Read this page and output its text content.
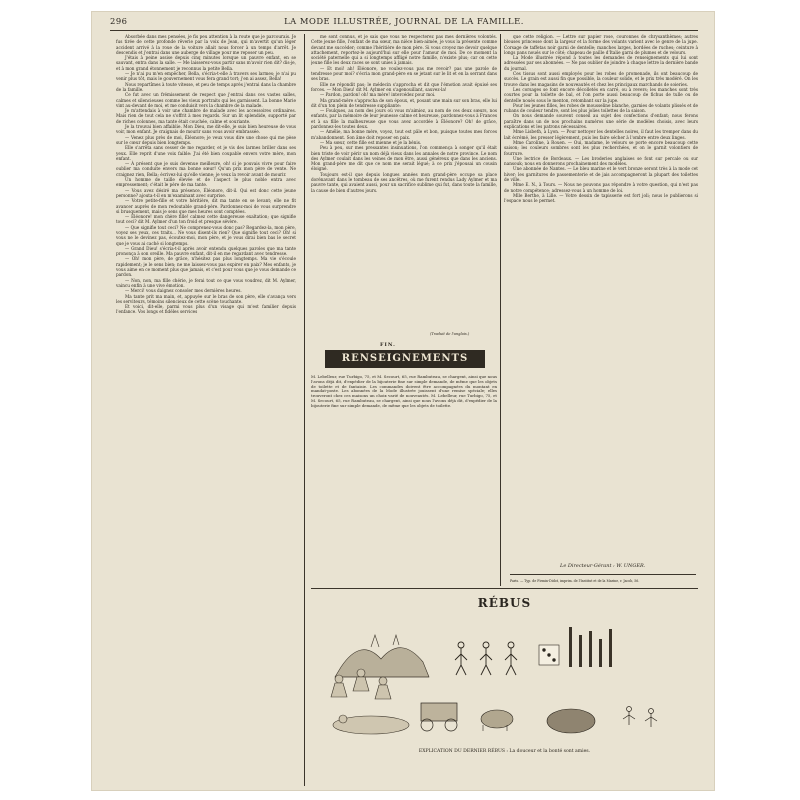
296	LA MODE ILLUSTRÉE, JOURNAL DE LA FAMILLE.

Absorbée dans mes pensées, je fis peu attention à la route que je parcourais. Je fus tirée de cette profonde rêverie par la voix de Jean, qui m'avertit qu'un léger accident arrivé à la roue de la voiture allait nous forcer à un temps d'arrêt. Je descendis et j'entrai dans une auberge de village pour me reposer un peu.

J'étais à peine assise depuis cinq minutes lorsque un pauvre enfant, en se sauvant, entra dans la salle. — Me laisserez-vous partir sans m'avoir rien dit? dis-je, et à mon grand étonnement je reconnus la petite Bella.

— Je n'ai pu m'en empêcher, Bella, s'écria-t-elle à travers ses larmes; je n'ai pu venir plus tôt, mais le gouvernement vous fera grand tort; j'en ai assez, Bella!

Nous repartîmes à toute vitesse, et peu de temps après j'entrai dans la chambre de la famille.

Ce fut avec un frémissement de respect que j'entrai dans ces vastes salles, calmes et silencieuses comme les vieux portraits qui les garnissent. La bonne Marie vint au-devant de moi, et me conduisit vers la chambre de la malade.

Je m'attendais à voir une chambre de malade avec les accessoires ordinaires. Mais rien de tout cela ne s'offrit à mes regards. Sur un lit splendide, supporté par de riches colonnes, ma tante était couchée, calme et souriante.

Je la trouvai bien affaiblie. Mon Dieu, me dit-elle, je suis bien heureuse de vous voir, mon enfant. Je craignais de mourir sans vous avoir embrassée.

— Venez plus près de moi, Éléonore; je veux vous dire une chose qui me pèse sur le cœur depuis bien longtemps.

Elle s'arrêta sans cesser de me regarder, et je vis des larmes briller dans ses yeux. Elle reprit d'une voix faible: J'ai été bien coupable envers votre mère, mon enfant.

— À présent que je suis devenue meilleure, oh! si je pouvais vivre pour faire oublier ma conduite envers ma bonne sœur! Qu'un prix mon père de vente. Ne craignez rien, Bella; écrivez-lui qu'elle vienne; je veux la revoir avant de mourir.

Un homme de taille élevée et de l'aspect le plus noble entra avec empressement; c'était le père de ma tante.

— Vous avez désiré ma présence, Éléonore, dit-il. Qui est donc cette jeune personne? ajouta-t-il en m'examinant avec surprise.

— Votre petite-fille et votre héritière, dit ma tante en se levant; elle ne fit avancer auprès de mon redoutable grand-père. Pardonnez-moi de vous surprendre si brusquement, mais je sens que mes heures sont comptées.

— Éléonore! mon chère fille! calmez cette dangereuse exaltation; que signifie tout ceci? dit M. Aylmer d'un ton froid et presque sévère.

— Que signifie tout ceci? Ne comprenez-vous donc pas? Regardez-la, mon père, voyez ses yeux, ces traits... Ne vous disent-ils rien? Que signifie tout ceci? Oh! si vous ne le devinez pas, écoutez-moi, mon père, et je vous dirai bien bas le secret que je vous ai caché si longtemps.

— Grand Dieu! s'écria-t-il après avoir entendu quelques paroles que ma tante prononça à son oreille. Ma pauvre enfant, dit-il en me regardant avec tendresse.

— Oh! mon père, de grâce, n'hésitez pas plus longtemps. Ma vie s'écoule rapidement; je le sens bien; ne me laissez-vous pas expirer en paix? Mes enfants, je vous aime en ce moment plus que jamais, et c'est pour vous que je vous demande ce pardon.

— Non, non, ma fille chérie, je ferai tout ce que vous voudrez, dit M. Aylmer, vaincu enfin à une vive émotion.

— Merci! vous daignez consoler mes dernières heures.

Ma tante prit ma main, et, appuyée sur le bras de son père, elle s'avança vers les serviteurs, témoins silencieux de cette scène touchante.

Et voici, dit-elle, parmi vous plus d'un visage qui m'est familier depuis l'enfance. Vos longs et fidèles services

me sont connus, et je sais que vous ne respecterez pas mes dernières volontés. Cette jeune fille, l'enfant de ma sœur, ma nièce bien-aimée, je vous la présente comme devant me succéder; comme l'héritière de mon père. Si vous croyez me devoir quelque attachement, reportez-le aujourd'hui sur elle pour l'amour de moi. De ce moment la société paternelle qui a si longtemps affligé notre famille, n'existe plus; car on cette jeune fille les deux races se sont unies à jamais.

— Et moi! ah! Éléonore, ne voulez-vous pas me revoir? pas une parole de tendresse pour moi? s'écria mon grand-père en se jetant sur le lit et en la serrant dans ses bras.

Elle ne répondit pas; le médecin s'approcha et dit que l'émotion avait épuisé ses forces. — Mon Dieu! dit M. Aylmer en s'agenouillant, sauvez-la!

— Pardon, pardon! oh! ma mère! intercédez pour moi.

Ma grand-mère s'approcha de son époux, et, posant une main sur son bras, elle lui dit d'un ton plein de tendresse suppliante:

— Foulques, au nom des jours où vous m'aimiez, au nom de ces deux sœurs, nos enfants, par la mémoire de leur jeunesse calme et heureuse, pardonnez-vous à Frances et à sa fille la malheureuse que vous avez accordée à Éléonore? Oh! de grâce, pardonnez-les toutes deux.

— Amélie, ma bonne mère, voyez, tout est pâle et bon, puisque toutes mes forces m'abandonnent. Son âme doit reposer en paix.

— Ma sœur, cette fille est mienne et je la bénis.

Peu à peu, sur mes pressantes insinuations, l'on commença à songer qu'il était bien triste de voir périr un nom déjà vieux dans les annales de notre province. Le nom des Aylmer coulait dans les veines de mon être, aussi généreux que dans les anciens. Mon grand-père me dit que ce nom me serait légué; à ce prix j'épousai un cousin éloigné.

Toujours est-il que depuis longues années mon grand-père occupe sa place dorénavant dans le tombeau de ses ancêtres, où me furent rendus Lady Aylmer et ma pauvre tante, qui avaient aussi, pour un sacrifice sublime qui fut, dans toute la famille, la cause de bien d'autres jours.

(Traduit de l'anglais.)
FIN.
RENSEIGNEMENTS
M. Lebelleur, rue Turbigo, 75, et M. Secourt, 65, rue Rambuteau, se chargent, ainsi que nous l'avons déjà dit, d'expédier de la bijouterie fine sur simple demande, de même que les objets de toilette et de fantaisie. Les commandes doivent être accompagnées du montant en mandat-poste. Les abonnées de la Mode illustrée jouissent d'une remise spéciale; elles trouveront chez ces maisons un choix varié de nouveautés. M. Lebelleur, rue Turbigo, 75, et M. Secourt, 65, rue Rambuteau, se chargent, ainsi que nous l'avons déjà dit, d'expédier de la bijouterie fine sur simple demande, de même que les objets de toilette.

que cette religion. — Lettre sur papier rose, couronnes de chrysanthèmes; autres blouses princesse dont la largeur et la forme des volants varient avec le genre de la jupe. Corsage de taffetas noir garni de dentelle; manches larges, bordées de ruches; ceinture à longs pans noués sur le côté; chapeau de paille d'Italie garni de plumes et de velours.

La Mode illustrée répond à toutes les demandes de renseignements qui lui sont adressées par ses abonnées. — Ne pas oublier de joindre à chaque lettre la dernière bande du journal.

Ces tissus sont aussi employés pour les robes de promenade, ils ont beaucoup de succès. Le grain est aussi fin que possible, la couleur solide, et le prix très modéré. On les trouve dans les magasins de nouveautés et chez les principaux marchands de soieries.

Les corsages se font encore décolletés en carré, ou à revers; les manches sont très courtes pour la toilette de bal, et l'on porte aussi beaucoup de fichus de tulle ou de dentelle noués sous le menton, retombant sur la jupe.

Pour les jeunes filles, les robes de mousseline blanche, garnies de volants plissés et de rubans de couleur tendre, sont les plus jolies toilettes de la saison.

On nous demande souvent conseil au sujet des confections d'enfant; nous ferons paraître dans un de nos prochains numéros une série de modèles choisis, avec leurs explications et les patrons nécessaires.

Mme Lisbeth, à Lyon. — Pour nettoyer les dentelles noires, il faut les tremper dans du lait écrémé, les presser légèrement, puis les faire sécher à l'ombre entre deux linges.

Mme Caroline, à Rouen. — Oui, madame, le velours se porte encore beaucoup cette saison; les couleurs sombres sont les plus recherchées, et on le garnit volontiers de fourrure.

Une lectrice de Bordeaux. — Les broderies anglaises se font sur percale ou sur nansouk; nous en donnerons prochainement des modèles.

Une abonnée de Nantes. — Le bleu marine et le vert bronze seront très à la mode cet hiver; les garnitures de passementerie et de jais accompagneront la plupart des toilettes de ville.

Mme E. N., à Tours. — Nous ne pouvons pas répondre à votre question, qui n'est pas de notre compétence; adressez-vous à un homme de loi.

Mlle Berthe, à Lille. — Votre dessin de tapisserie est fort joli; nous le publierons si l'espace nous le permet.

Le Directeur-Gérant : W. UNGER.
Paris. — Typ. de Firmin-Didot, imprim. de l'Institut et de la Marine, r. Jacob, 56.
RÉBUS
EXPLICATION DU DERNIER RÉBUS : La douceur et la bonté sont amies.
